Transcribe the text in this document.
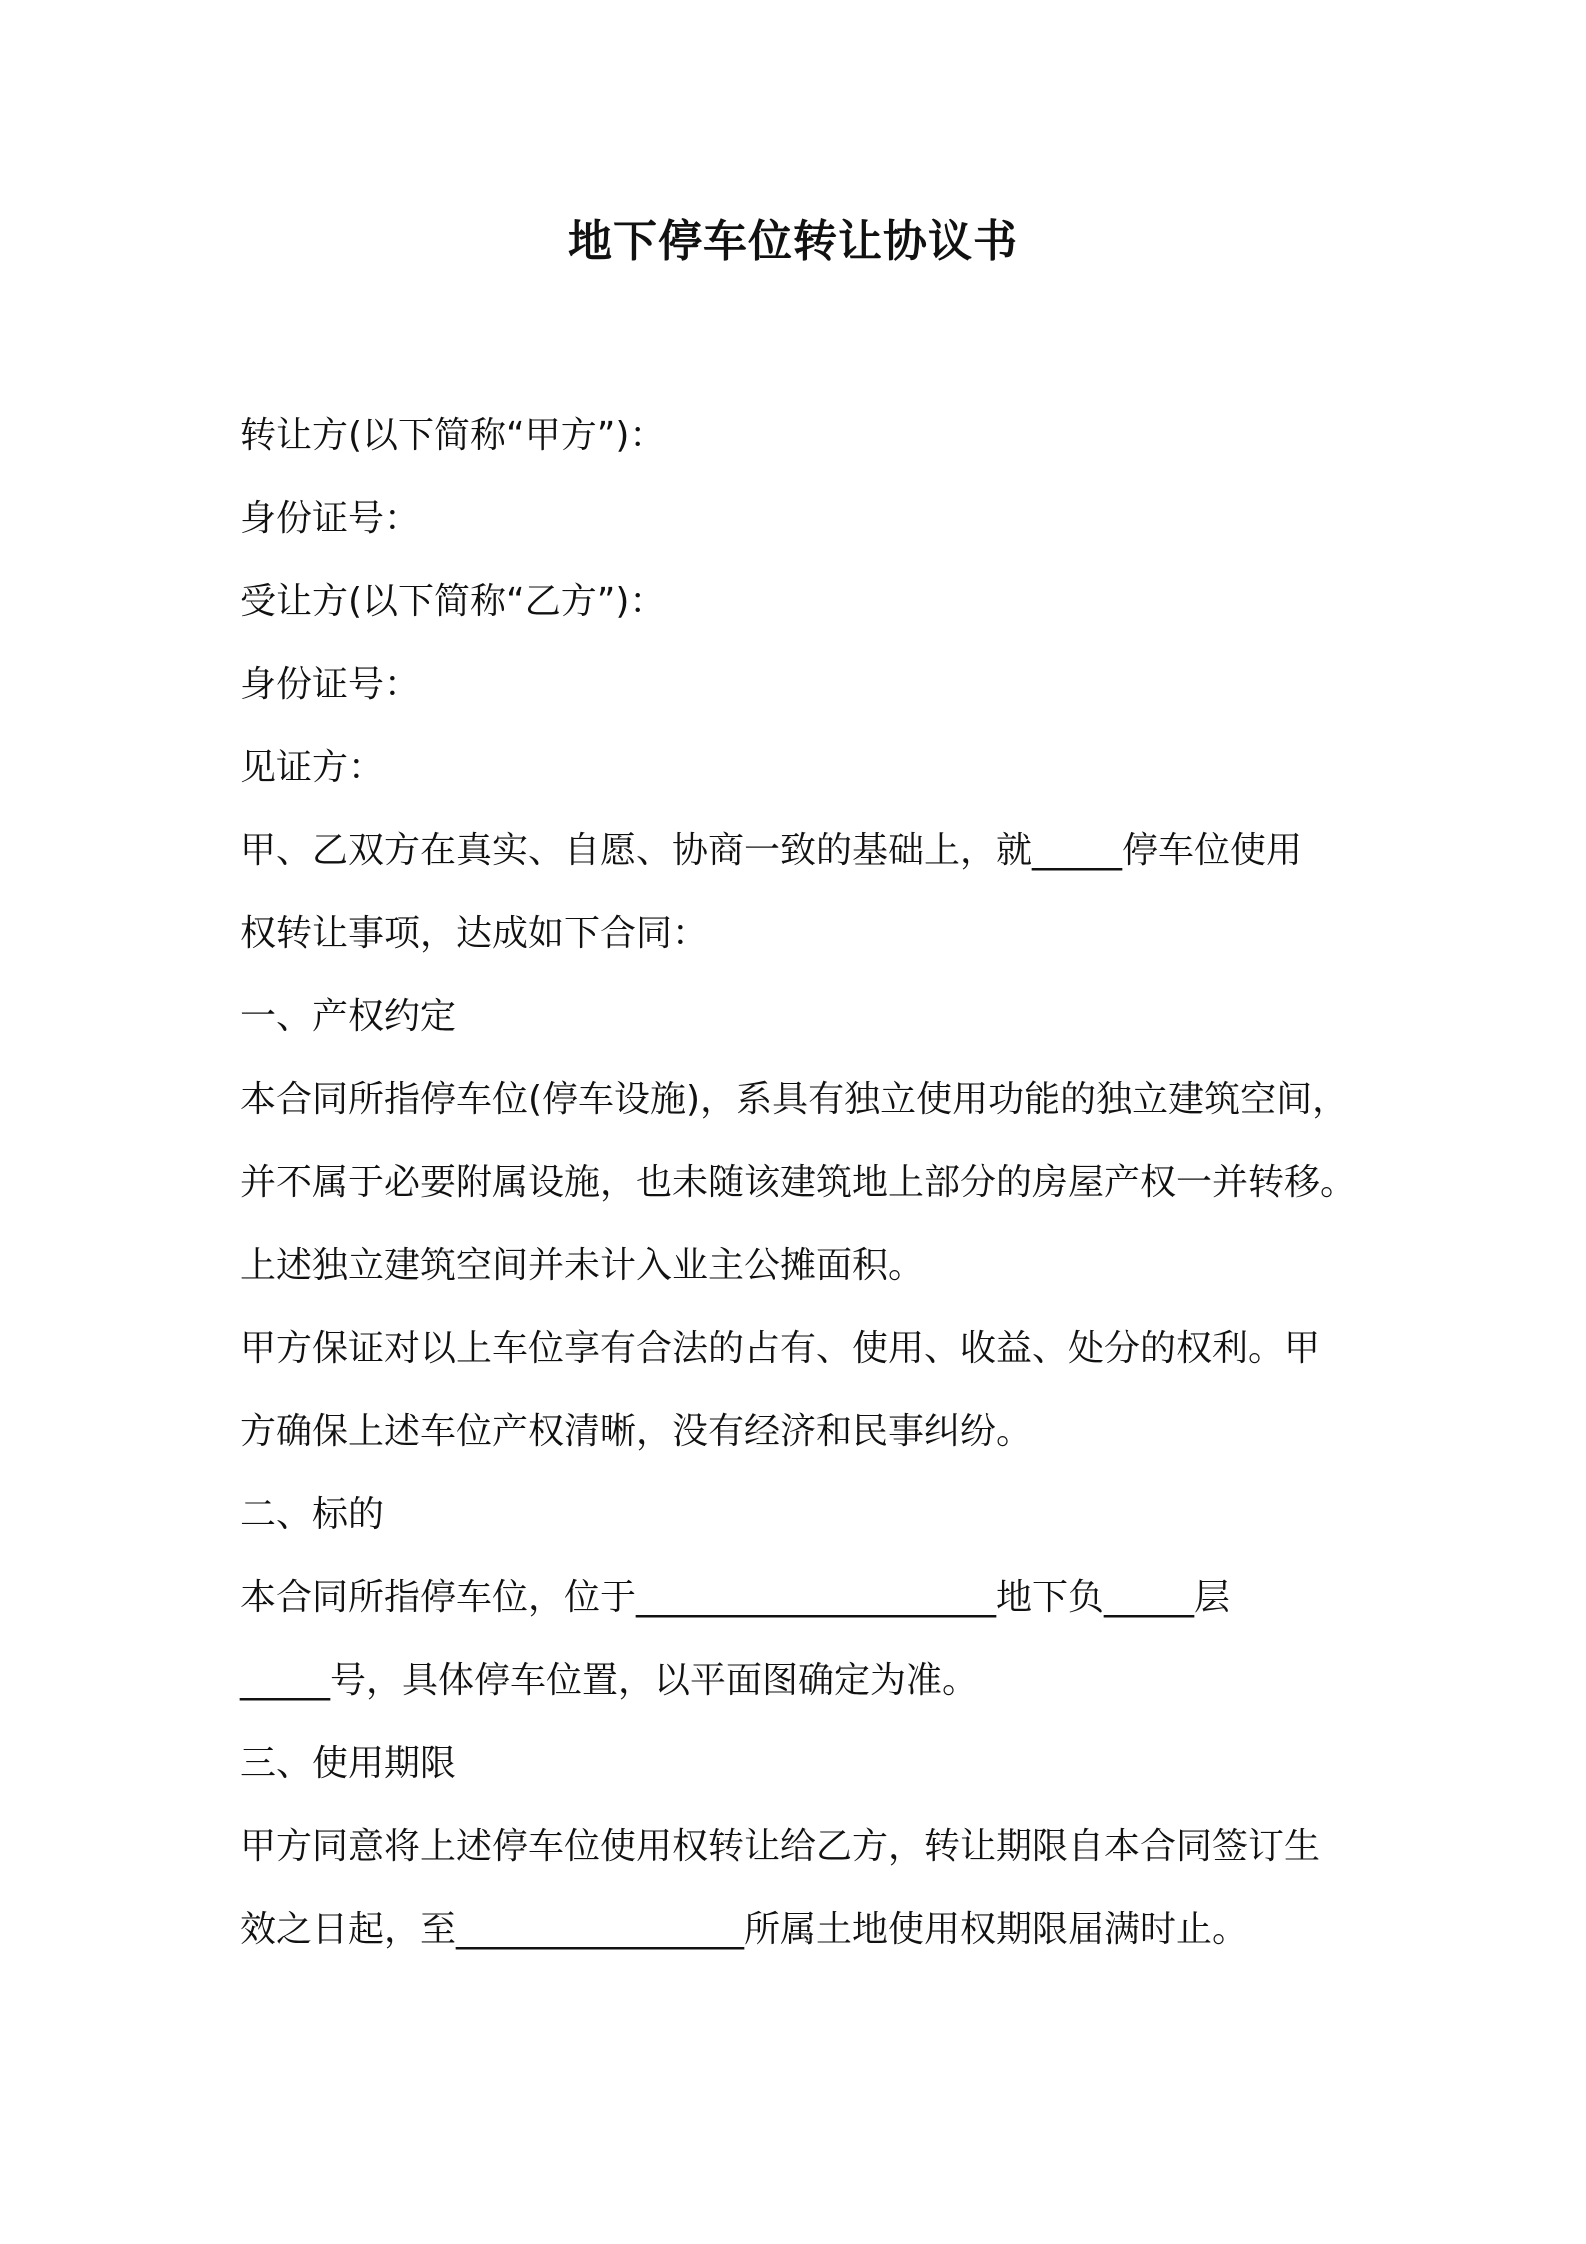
地下停车位转让协议书

转让方(以下简称“甲方”)：

身份证号：

受让方(以下简称“乙方”)：

身份证号：

见证方：

甲、乙双方在真实、自愿、协商一致的基础上，就_____停车位使用

权转让事项，达成如下合同：

一、产权约定

本合同所指停车位(停车设施)，系具有独立使用功能的独立建筑空间，

并不属于必要附属设施，也未随该建筑地上部分的房屋产权一并转移。

上述独立建筑空间并未计入业主公摊面积。

甲方保证对以上车位享有合法的占有、使用、收益、处分的权利。甲

方确保上述车位产权清晰，没有经济和民事纠纷。

二、标的

本合同所指停车位，位于____________________地下负_____层

_____号，具体停车位置，以平面图确定为准。

三、使用期限

甲方同意将上述停车位使用权转让给乙方，转让期限自本合同签订生

效之日起，至________________所属土地使用权期限届满时止。
